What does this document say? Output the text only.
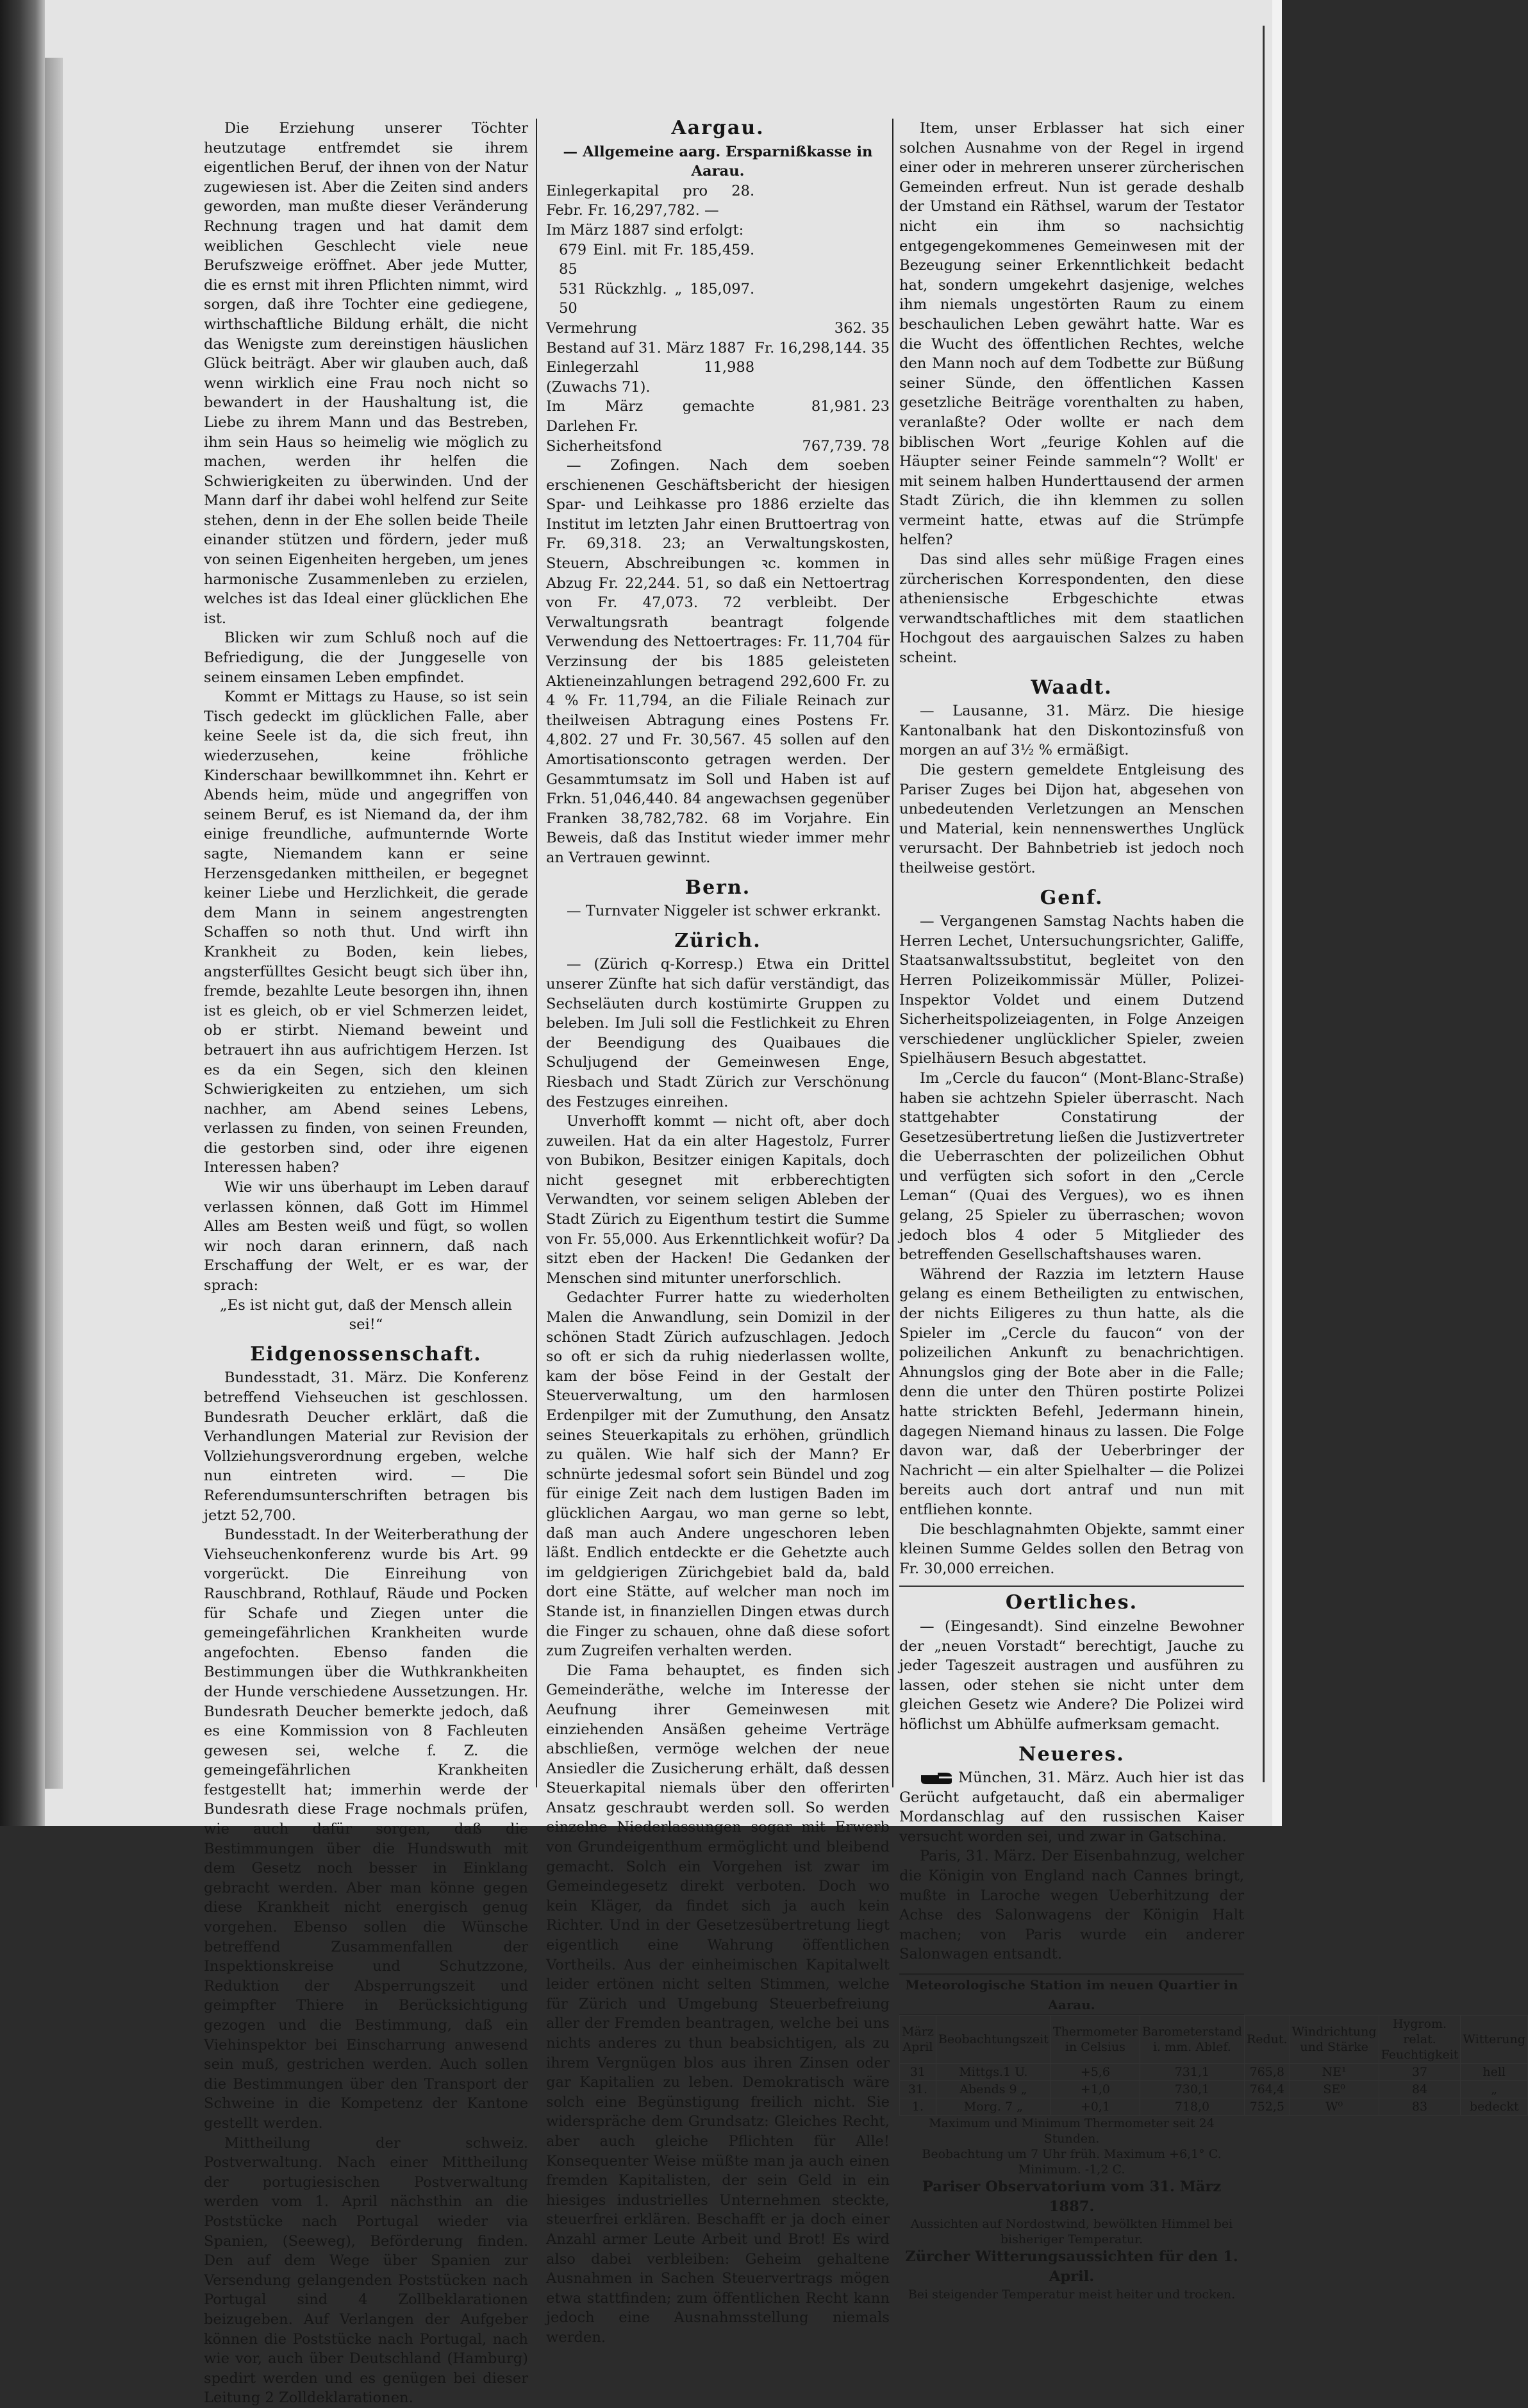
Die Erziehung unserer Töchter heutzutage entfremdet sie ihrem eigentlichen Beruf, der ihnen von der Natur zugewiesen ist. Aber die Zeiten sind anders geworden, man mußte dieser Veränderung Rechnung tragen und hat damit dem weiblichen Geschlecht viele neue Berufszweige eröffnet. Aber jede Mutter, die es ernst mit ihren Pflichten nimmt, wird sorgen, daß ihre Tochter eine gediegene, wirthschaftliche Bildung erhält, die nicht das Wenigste zum dereinstigen häuslichen Glück beiträgt. Aber wir glauben auch, daß wenn wirklich eine Frau noch nicht so bewandert in der Haushaltung ist, die Liebe zu ihrem Mann und das Bestreben, ihm sein Haus so heimelig wie möglich zu machen, werden ihr helfen die Schwierigkeiten zu überwinden. Und der Mann darf ihr dabei wohl helfend zur Seite stehen, denn in der Ehe sollen beide Theile einander stützen und fördern, jeder muß von seinen Eigenheiten hergeben, um jenes harmonische Zusammenleben zu erzielen, welches ist das Ideal einer glücklichen Ehe ist.

Blicken wir zum Schluß noch auf die Befriedigung, die der Junggeselle von seinem einsamen Leben empfindet.

Kommt er Mittags zu Hause, so ist sein Tisch gedeckt im glücklichen Falle, aber keine Seele ist da, die sich freut, ihn wiederzusehen, keine fröhliche Kinderschaar bewillkommnet ihn. Kehrt er Abends heim, müde und angegriffen von seinem Beruf, es ist Niemand da, der ihm einige freundliche, aufmunternde Worte sagte, Niemandem kann er seine Herzensgedanken mittheilen, er begegnet keiner Liebe und Herzlichkeit, die gerade dem Mann in seinem angestrengten Schaffen so noth thut. Und wirft ihn Krankheit zu Boden, kein liebes, angsterfülltes Gesicht beugt sich über ihn, fremde, bezahlte Leute besorgen ihn, ihnen ist es gleich, ob er viel Schmerzen leidet, ob er stirbt. Niemand beweint und betrauert ihn aus aufrichtigem Herzen. Ist es da ein Segen, sich den kleinen Schwierigkeiten zu entziehen, um sich nachher, am Abend seines Lebens, verlassen zu finden, von seinen Freunden, die gestorben sind, oder ihre eigenen Interessen haben?

Wie wir uns überhaupt im Leben darauf verlassen können, daß Gott im Himmel Alles am Besten weiß und fügt, so wollen wir noch daran erinnern, daß nach Erschaffung der Welt, er es war, der sprach:

„Es ist nicht gut, daß der Mensch allein sei!“

Eidgenossenschaft.

Bundesstadt, 31. März. Die Konferenz betreffend Viehseuchen ist geschlossen. Bundesrath Deucher erklärt, daß die Verhandlungen Material zur Revision der Vollziehungsverordnung ergeben, welche nun eintreten wird. — Die Referendumsunterschriften betragen bis jetzt 52,700.

Bundesstadt. In der Weiterberathung der Viehseuchenkonferenz wurde bis Art. 99 vorgerückt. Die Einreihung von Rauschbrand, Rothlauf, Räude und Pocken für Schafe und Ziegen unter die gemeingefährlichen Krankheiten wurde angefochten. Ebenso fanden die Bestimmungen über die Wuthkrankheiten der Hunde verschiedene Aussetzungen. Hr. Bundesrath Deucher bemerkte jedoch, daß es eine Kommission von 8 Fachleuten gewesen sei, welche f. Z. die gemeingefährlichen Krankheiten festgestellt hat; immerhin werde der Bundesrath diese Frage nochmals prüfen, wie auch dafür sorgen, daß die Bestimmungen über die Hundswuth mit dem Gesetz noch besser in Einklang gebracht werden. Aber man könne gegen diese Krankheit nicht energisch genug vorgehen. Ebenso sollen die Wünsche betreffend Zusammenfallen der Inspektionskreise und Schutzzone, Reduktion der Absperrungszeit und geimpfter Thiere in Berücksichtigung gezogen und die Bestimmung, daß ein Viehinspektor bei Einscharrung anwesend sein muß, gestrichen werden. Auch sollen die Bestimmungen über den Transport der Schweine in die Kompetenz der Kantone gestellt werden.

Mittheilung der schweiz. Postverwaltung. Nach einer Mittheilung der portugiesischen Postverwaltung werden vom 1. April nächsthin an die Poststücke nach Portugal wieder via Spanien, (Seeweg), Beförderung finden. Den auf dem Wege über Spanien zur Versendung gelangenden Poststücken nach Portugal sind 4 Zollbeklarationen beizugeben. Auf Verlangen der Aufgeber können die Poststücke nach Portugal, nach wie vor, auch über Deutschland (Hamburg) spedirt werden und es genügen bei dieser Leitung 2 Zolldeklarationen.

Aargau.

— Allgemeine aarg. Ersparnißkasse in Aarau.

Einlegerkapital pro 28. Febr. Fr. 16,297,782. —	
Im März 1887 sind erfolgt:	
679 Einl. mit Fr. 185,459. 85	
531 Rückzhlg. „ 185,097. 50	
Vermehrung	362. 35
Bestand auf 31. März 1887	Fr. 16,298,144. 35
Einlegerzahl 11,988 (Zuwachs 71).	
Im März gemachte Darlehen Fr.	81,981. 23
Sicherheitsfond	767,739. 78

— Zofingen. Nach dem soeben erschienenen Geschäftsbericht der hiesigen Spar- und Leihkasse pro 1886 erzielte das Institut im letzten Jahr einen Bruttoertrag von Fr. 69,318. 23; an Verwaltungskosten, Steuern, Abschreibungen ꝛc. kommen in Abzug Fr. 22,244. 51, so daß ein Nettoertrag von Fr. 47,073. 72 verbleibt. Der Verwaltungsrath beantragt folgende Verwendung des Nettoertrages: Fr. 11,704 für Verzinsung der bis 1885 geleisteten Aktieneinzahlungen betragend 292,600 Fr. zu 4 % Fr. 11,794, an die Filiale Reinach zur theilweisen Abtragung eines Postens Fr. 4,802. 27 und Fr. 30,567. 45 sollen auf den Amortisationsconto getragen werden. Der Gesammtumsatz im Soll und Haben ist auf Frkn. 51,046,440. 84 angewachsen gegenüber Franken 38,782,782. 68 im Vorjahre. Ein Beweis, daß das Institut wieder immer mehr an Vertrauen gewinnt.

Bern.

— Turnvater Niggeler ist schwer erkrankt.

Zürich.

— (Zürich q-Korresp.) Etwa ein Drittel unserer Zünfte hat sich dafür verständigt, das Sechseläuten durch kostümirte Gruppen zu beleben. Im Juli soll die Festlichkeit zu Ehren der Beendigung des Quaibaues die Schuljugend der Gemeinwesen Enge, Riesbach und Stadt Zürich zur Verschönung des Festzuges einreihen.

Unverhofft kommt — nicht oft, aber doch zuweilen. Hat da ein alter Hagestolz, Furrer von Bubikon, Besitzer einigen Kapitals, doch nicht gesegnet mit erbberechtigten Verwandten, vor seinem seligen Ableben der Stadt Zürich zu Eigenthum testirt die Summe von Fr. 55,000. Aus Erkenntlichkeit wofür? Da sitzt eben der Hacken! Die Gedanken der Menschen sind mitunter unerforschlich.

Gedachter Furrer hatte zu wiederholten Malen die Anwandlung, sein Domizil in der schönen Stadt Zürich aufzuschlagen. Jedoch so oft er sich da ruhig niederlassen wollte, kam der böse Feind in der Gestalt der Steuerverwaltung, um den harmlosen Erdenpilger mit der Zumuthung, den Ansatz seines Steuerkapitals zu erhöhen, gründlich zu quälen. Wie half sich der Mann? Er schnürte jedesmal sofort sein Bündel und zog für einige Zeit nach dem lustigen Baden im glücklichen Aargau, wo man gerne so lebt, daß man auch Andere ungeschoren leben läßt. Endlich entdeckte er die Gehetzte auch im geldgierigen Zürichgebiet bald da, bald dort eine Stätte, auf welcher man noch im Stande ist, in finanziellen Dingen etwas durch die Finger zu schauen, ohne daß diese sofort zum Zugreifen verhalten werden.

Die Fama behauptet, es finden sich Gemeinderäthe, welche im Interesse der Aeufnung ihrer Gemeinwesen mit einziehenden Ansäßen geheime Verträge abschließen, vermöge welchen der neue Ansiedler die Zusicherung erhält, daß dessen Steuerkapital niemals über den offerirten Ansatz geschraubt werden soll. So werden einzelne Niederlassungen sogar mit Erwerb von Grundeigenthum ermöglicht und bleibend gemacht. Solch ein Vorgehen ist zwar im Gemeindegesetz direkt verboten. Doch wo kein Kläger, da findet sich ja auch kein Richter. Und in der Gesetzesübertretung liegt eigentlich eine Wahrung öffentlichen Vortheils. Aus der einheimischen Kapitalwelt leider ertönen nicht selten Stimmen, welche für Zürich und Umgebung Steuerbefreiung aller der Fremden beantragen, welche bei uns nichts anderes zu thun beabsichtigen, als zu ihrem Vergnügen blos aus ihren Zinsen oder gar Kapitalien zu leben. Demokratisch wäre solch eine Begünstigung freilich nicht. Sie widerspräche dem Grundsatz: Gleiches Recht, aber auch gleiche Pflichten für Alle! Konsequenter Weise müßte man ja auch einen fremden Kapitalisten, der sein Geld in ein hiesiges industrielles Unternehmen steckte, steuerfrei erklären. Beschafft er ja doch einer Anzahl armer Leute Arbeit und Brot! Es wird also dabei verbleiben: Geheim gehaltene Ausnahmen in Sachen Steuervertrags mögen etwa stattfinden; zum öffentlichen Recht kann jedoch eine Ausnahmsstellung niemals werden.

Item, unser Erblasser hat sich einer solchen Ausnahme von der Regel in irgend einer oder in mehreren unserer zürcherischen Gemeinden erfreut. Nun ist gerade deshalb der Umstand ein Räthsel, warum der Testator nicht ein ihm so nachsichtig entgegengekommenes Gemeinwesen mit der Bezeugung seiner Erkenntlichkeit bedacht hat, sondern umgekehrt dasjenige, welches ihm niemals ungestörten Raum zu einem beschaulichen Leben gewährt hatte. War es die Wucht des öffentlichen Rechtes, welche den Mann noch auf dem Todbette zur Büßung seiner Sünde, den öffentlichen Kassen gesetzliche Beiträge vorenthalten zu haben, veranlaßte? Oder wollte er nach dem biblischen Wort „feurige Kohlen auf die Häupter seiner Feinde sammeln“? Wollt' er mit seinem halben Hunderttausend der armen Stadt Zürich, die ihn klemmen zu sollen vermeint hatte, etwas auf die Strümpfe helfen?

Das sind alles sehr müßige Fragen eines zürcherischen Korrespondenten, den diese atheniensische Erbgeschichte etwas verwandtschaftliches mit dem staatlichen Hochgout des aargauischen Salzes zu haben scheint.

Waadt.

— Lausanne, 31. März. Die hiesige Kantonalbank hat den Diskontozinsfuß von morgen an auf 3½ % ermäßigt.

Die gestern gemeldete Entgleisung des Pariser Zuges bei Dijon hat, abgesehen von unbedeutenden Verletzungen an Menschen und Material, kein nennenswerthes Unglück verursacht. Der Bahnbetrieb ist jedoch noch theilweise gestört.

Genf.

— Vergangenen Samstag Nachts haben die Herren Lechet, Untersuchungsrichter, Galiffe, Staatsanwaltssubstitut, begleitet von den Herren Polizeikommissär Müller, Polizei-Inspektor Voldet und einem Dutzend Sicherheitspolizeiagenten, in Folge Anzeigen verschiedener unglücklicher Spieler, zweien Spielhäusern Besuch abgestattet.

Im „Cercle du faucon“ (Mont-Blanc-Straße) haben sie achtzehn Spieler überrascht. Nach stattgehabter Constatirung der Gesetzesübertretung ließen die Justizvertreter die Ueberraschten der polizeilichen Obhut und verfügten sich sofort in den „Cercle Leman“ (Quai des Vergues), wo es ihnen gelang, 25 Spieler zu überraschen; wovon jedoch blos 4 oder 5 Mitglieder des betreffenden Gesellschaftshauses waren.

Während der Razzia im letztern Hause gelang es einem Betheiligten zu entwischen, der nichts Eiligeres zu thun hatte, als die Spieler im „Cercle du faucon“ von der polizeilichen Ankunft zu benachrichtigen. Ahnungslos ging der Bote aber in die Falle; denn die unter den Thüren postirte Polizei hatte strickten Befehl, Jedermann hinein, dagegen Niemand hinaus zu lassen. Die Folge davon war, daß der Ueberbringer der Nachricht — ein alter Spielhalter — die Polizei bereits auch dort antraf und nun mit entfliehen konnte.

Die beschlagnahmten Objekte, sammt einer kleinen Summe Geldes sollen den Betrag von Fr. 30,000 erreichen.

Oertliches.

— (Eingesandt). Sind einzelne Bewohner der „neuen Vorstadt“ berechtigt, Jauche zu jeder Tageszeit austragen und ausführen zu lassen, oder stehen sie nicht unter dem gleichen Gesetz wie Andere? Die Polizei wird höflichst um Abhülfe aufmerksam gemacht.

Neueres.

München, 31. März. Auch hier ist das Gerücht aufgetaucht, daß ein abermaliger Mordanschlag auf den russischen Kaiser versucht worden sei, und zwar in Gatschina.

Paris, 31. März. Der Eisenbahnzug, welcher die Königin von England nach Cannes bringt, mußte in Laroche wegen Ueberhitzung der Achse des Salonwagens der Königin Halt machen; von Paris wurde ein anderer Salonwagen entsandt.

Meteorologische Station im neuen Quartier in Aarau.
März April	Beobachtungszeit	Thermometer in Celsius	Barometerstand i. mm. Ablef.	Redut.	Windrichtung und Stärke	Hygrom. relat. Feuchtigkeit	Witterung
31	Mittgs.1 U.	+5,6	731,1	765,8	NE¹	37	hell
31.	Abends 9 „	+1,0	730,1	764,4	SE⁰	84	„
1.	Morg. 7 „	+0,1	718,0	752,5	W⁰	83	bedeckt
Maximum und Minimum Thermometer seit 24 Stunden.
Beobachtung um 7 Uhr früh. Maximum +6,1° C.
Minimum. -1,2 C.
Pariser Observatorium vom 31. März 1887.
Aussichten auf Nordostwind, bewölkten Himmel bei bisheriger Temperatur.
Zürcher Witterungsaussichten für den 1. April.
Bei steigender Temperatur meist heiter und trocken.
